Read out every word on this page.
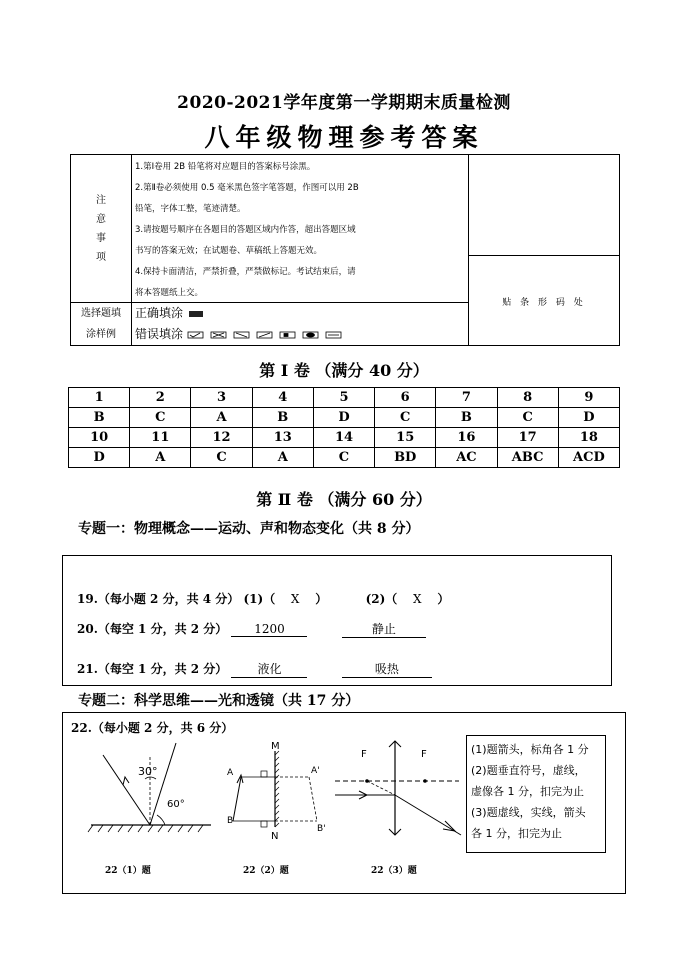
2020-2021学年度第一学期期末质量检测
八年级物理参考答案
注
意
事
项
1.第Ⅰ卷用 2B 铅笔将对应题目的答案标号涂黑。
2.第Ⅱ卷必须使用 0.5 毫米黑色签字笔答题，作图可以用 2B
铅笔，字体工整，笔迹清楚。
3.请按题号顺序在各题目的答题区域内作答，超出答题区域
书写的答案无效；在试题卷、草稿纸上答题无效。
4.保持卡面清洁，严禁折叠，严禁做标记。考试结束后，请
将本答题纸上交。
贴 条 形 码 处
选择题填
涂样例
正确填涂
错误填涂
第 Ⅰ 卷 （满分 40 分）
1	2	3	4	5	6	7	8	9
B	C	A	B	D	C	B	C	D
10	11	12	13	14	15	16	17	18
D	A	C	A	C	BD	AC	ABC	ACD
第 Ⅱ 卷 （满分 60 分）
专题一：物理概念——运动、声和物态变化（共 8 分）
19.（每小题 2 分，共 4 分） (1)（ X ）	(2)（ X ）
20.（每空 1 分，共 2 分） 1200	静止
21.（每空 1 分，共 2 分）	液化	吸热
专题二：科学思维——光和透镜（共 17 分）
22.（每小题 2 分，共 6 分）
30°
60°
M
N
A
B
A'
B'
F	F	(1)题箭头，标角各 1 分
(2)题垂直符号，虚线，
虚像各 1 分，扣完为止
(3)题虚线，实线，箭头
各 1 分，扣完为止
22（1）题	22（2）题	22（3）题
